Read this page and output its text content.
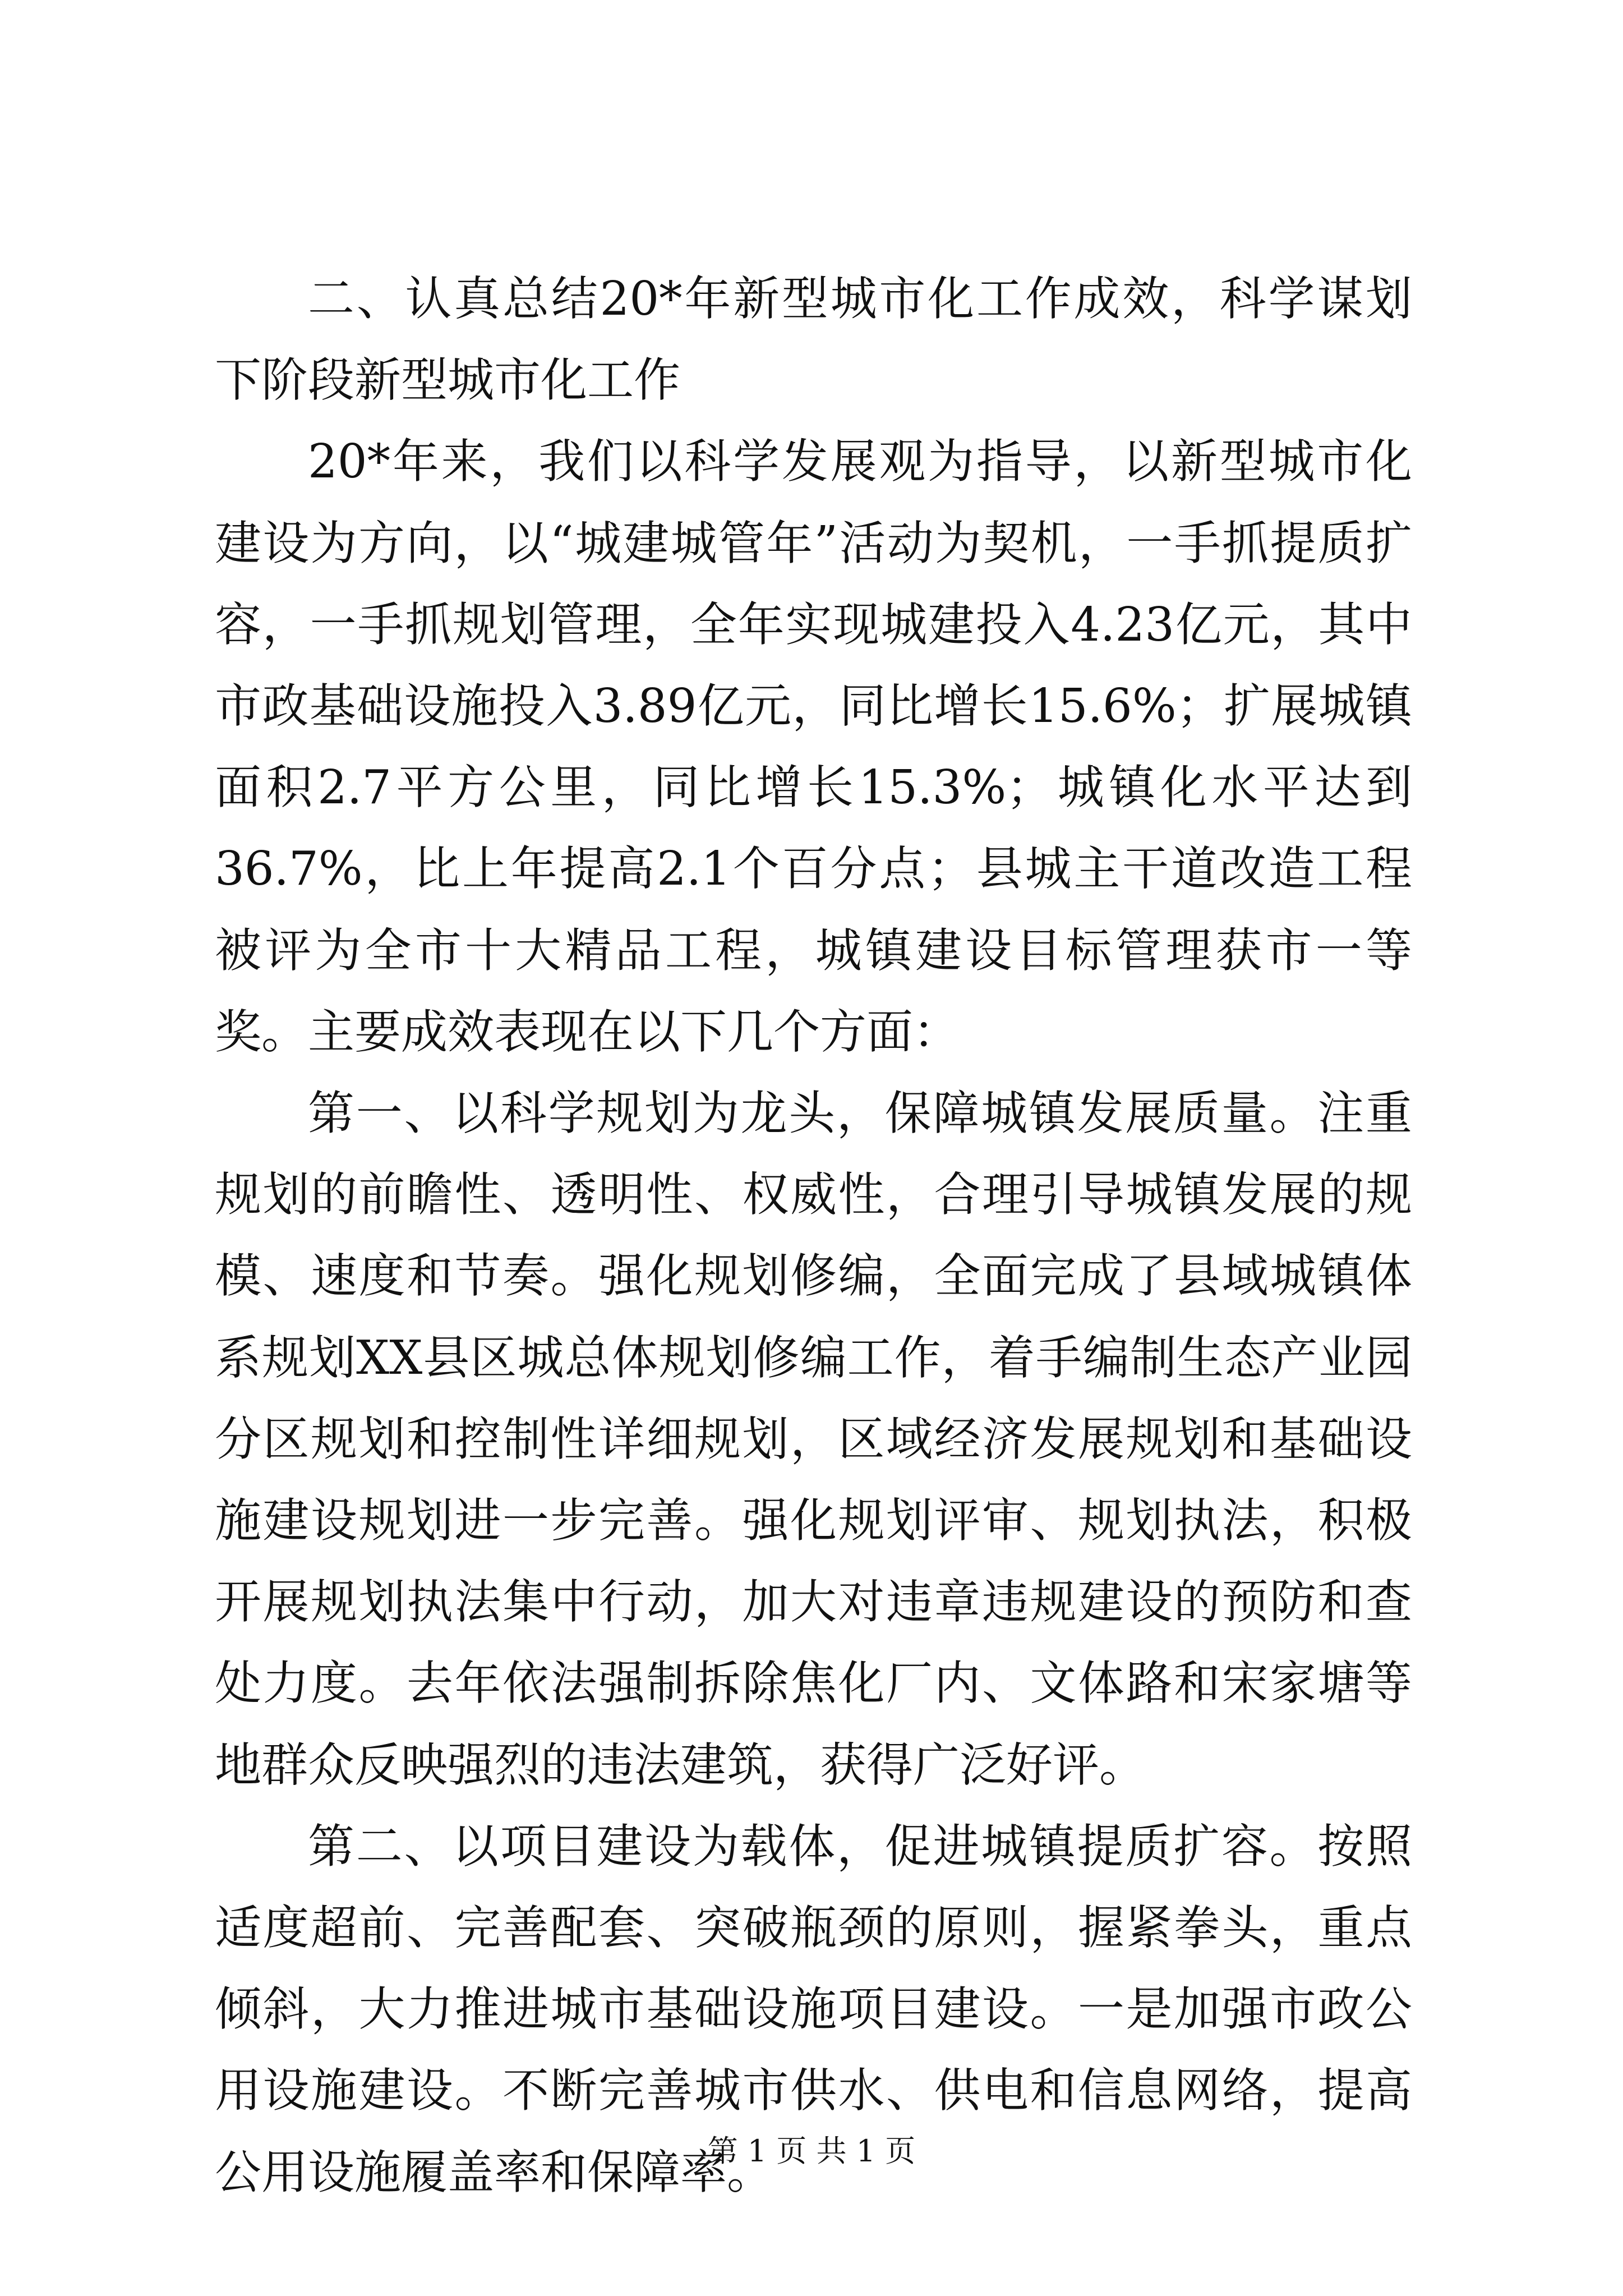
二、认真总结20*年新型城市化工作成效，科学谋划下阶段新型城市化工作

20*年来，我们以科学发展观为指导，以新型城市化建设为方向，以“城建城管年”活动为契机，一手抓提质扩容，一手抓规划管理，全年实现城建投入4.23亿元，其中市政基础设施投入3.89亿元，同比增长15.6%；扩展城镇面积2.7平方公里，同比增长15.3%；城镇化水平达到36.7%，比上年提高2.1个百分点；县城主干道改造工程被评为全市十大精品工程，城镇建设目标管理获市一等奖。主要成效表现在以下几个方面：

第一、以科学规划为龙头，保障城镇发展质量。注重规划的前瞻性、透明性、权威性，合理引导城镇发展的规模、速度和节奏。强化规划修编，全面完成了县域城镇体系规划XX县区城总体规划修编工作，着手编制生态产业园分区规划和控制性详细规划，区域经济发展规划和基础设施建设规划进一步完善。强化规划评审、规划执法，积极开展规划执法集中行动，加大对违章违规建设的预防和查处力度。去年依法强制拆除焦化厂内、文体路和宋家塘等地群众反映强烈的违法建筑，获得广泛好评。

第二、以项目建设为载体，促进城镇提质扩容。按照适度超前、完善配套、突破瓶颈的原则，握紧拳头，重点倾斜，大力推进城市基础设施项目建设。一是加强市政公用设施建设。不断完善城市供水、供电和信息网络，提高公用设施履盖率和保障率。

第 1 页 共 1 页
